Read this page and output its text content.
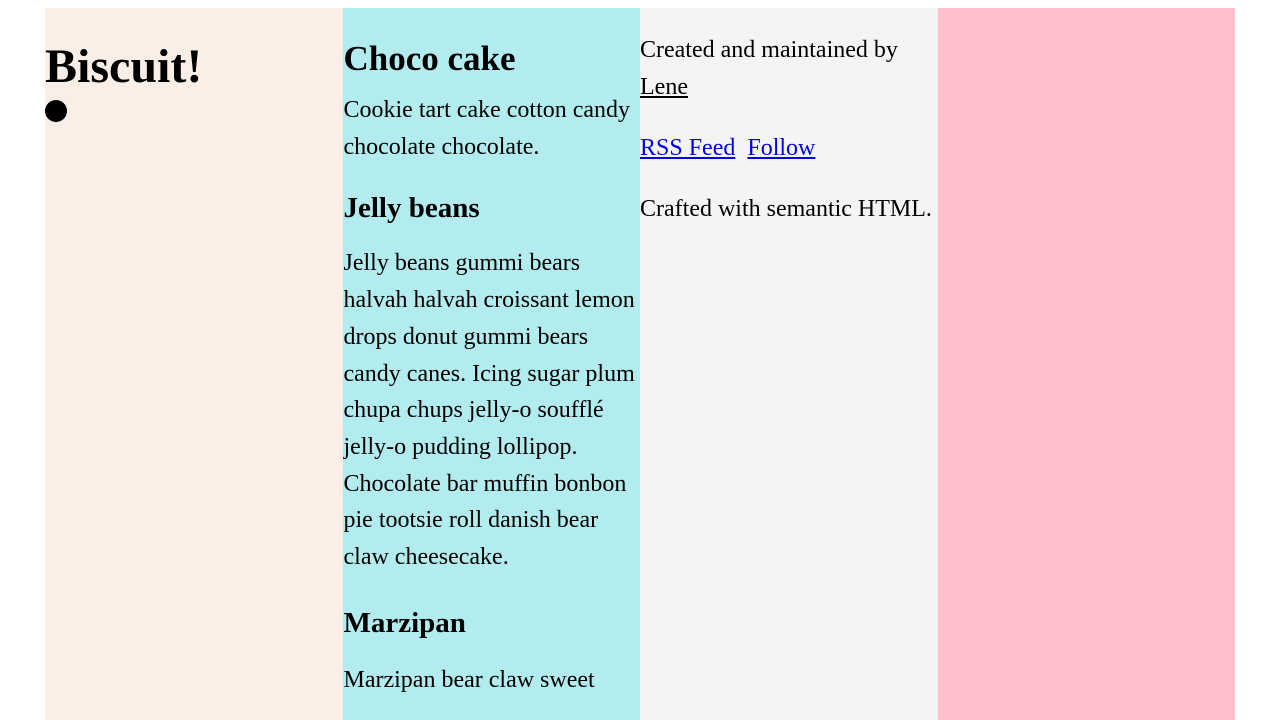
Biscuit!	Choco cake

Cookie tart cake cotton candy chocolate chocolate.

Jelly beans

Jelly beans gummi bears halvah halvah croissant lemon drops donut gummi bears candy canes. Icing sugar plum chupa chups jelly-o soufflé jelly-o pudding lollipop. Chocolate bar muffin bonbon pie tootsie roll danish bear claw cheesecake.

Marzipan

Marzipan bear claw sweet

Created and maintained by
Lene

RSS Feed Follow

Crafted with semantic HTML.
